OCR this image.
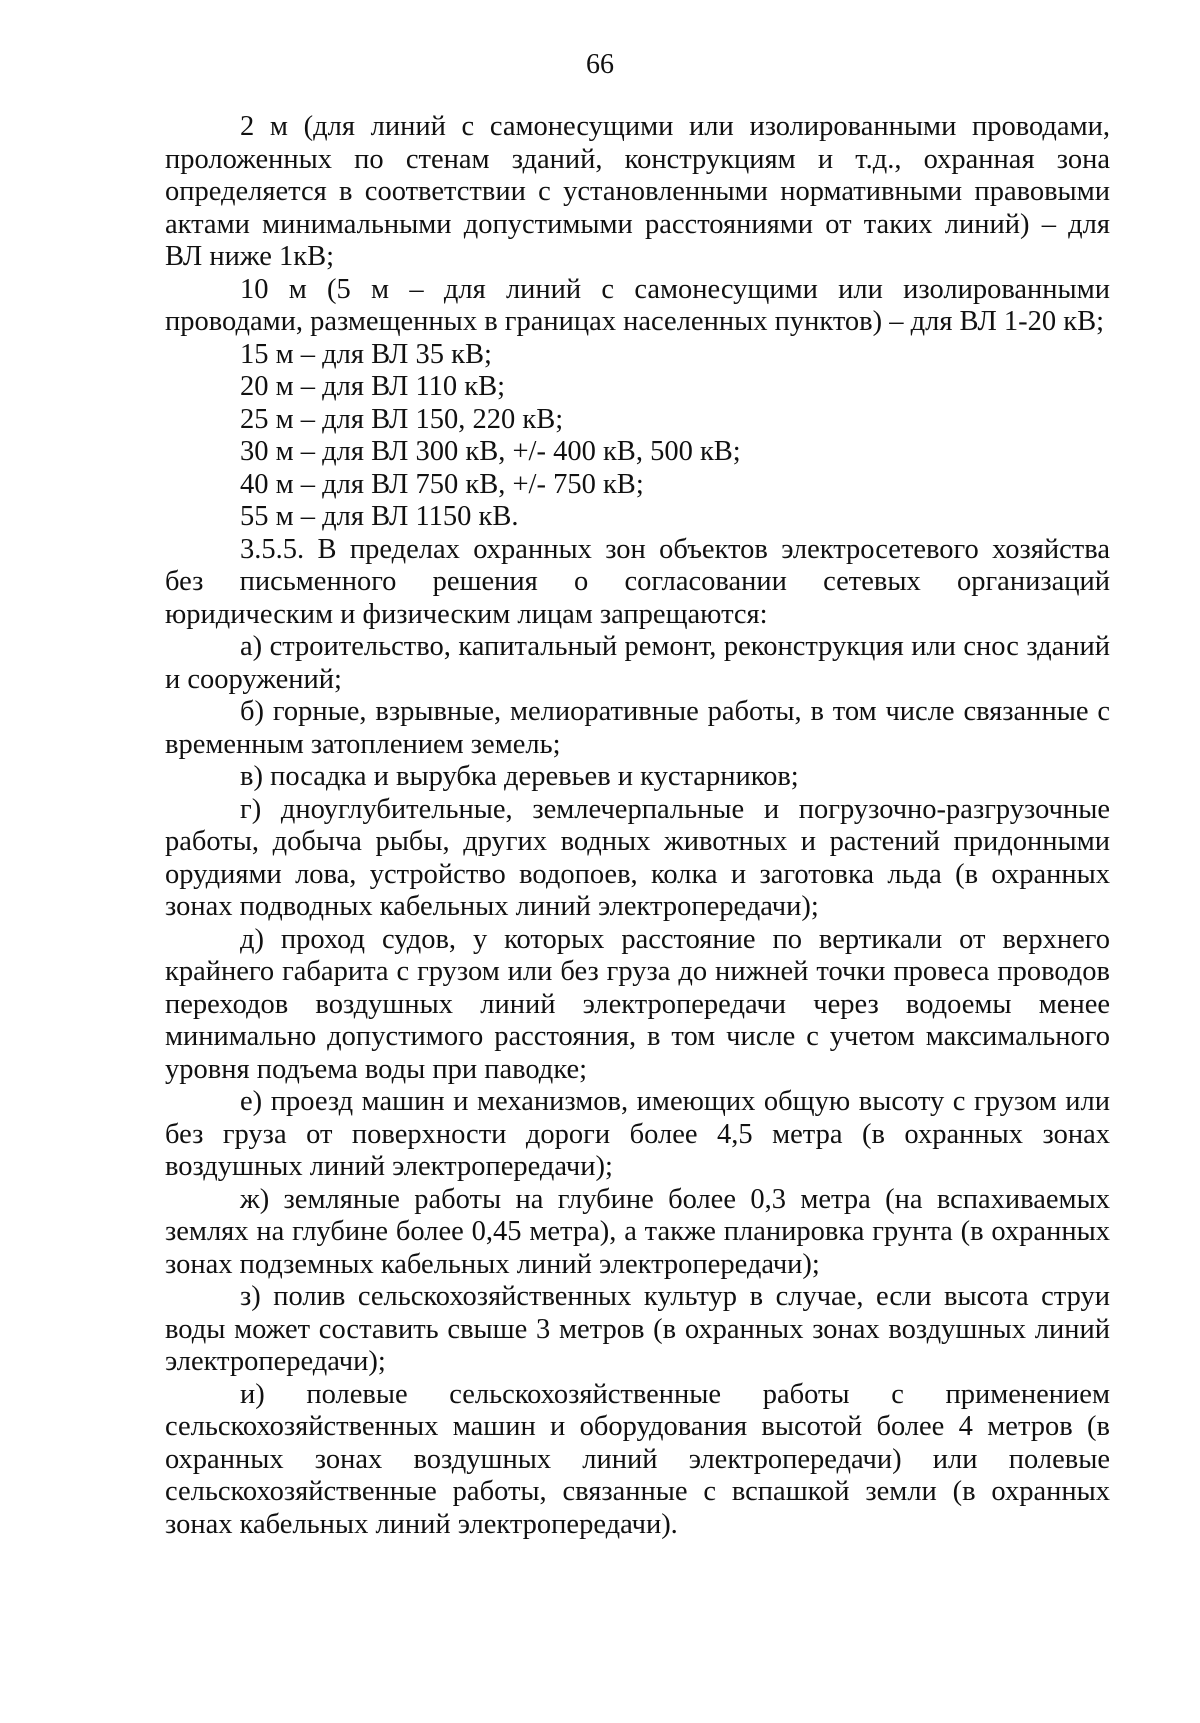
66

2 м (для линий с самонесущими или изолированными проводами, проложенных по стенам зданий, конструкциям и т.д., охранная зона определяется в соответствии с установленными нормативными правовыми актами минимальными допустимыми расстояниями от таких линий) – для ВЛ ниже 1кВ;

10 м (5 м – для линий с самонесущими или изолированными проводами, размещенных в границах населенных пунктов) – для ВЛ 1-20 кВ;

15 м – для ВЛ 35 кВ;

20 м – для ВЛ 110 кВ;

25 м – для ВЛ 150, 220 кВ;

30 м – для ВЛ 300 кВ, +/- 400 кВ, 500 кВ;

40 м – для ВЛ 750 кВ, +/- 750 кВ;

55 м – для ВЛ 1150 кВ.

3.5.5. В пределах охранных зон объектов электросетевого хозяйства без письменного решения о согласовании сетевых организаций юридическим и физическим лицам запрещаются:

а) строительство, капитальный ремонт, реконструкция или снос зданий и сооружений;

б) горные, взрывные, мелиоративные работы, в том числе связанные с временным затоплением земель;

в) посадка и вырубка деревьев и кустарников;

г) дноуглубительные, землечерпальные и погрузочно-разгрузочные работы, добыча рыбы, других водных животных и растений придонными орудиями лова, устройство водопоев, колка и заготовка льда (в охранных зонах подводных кабельных линий электропередачи);

д) проход судов, у которых расстояние по вертикали от верхнего крайнего габарита с грузом или без груза до нижней точки провеса проводов переходов воздушных линий электропередачи через водоемы менее минимально допустимого расстояния, в том числе с учетом максимального уровня подъема воды при паводке;

е) проезд машин и механизмов, имеющих общую высоту с грузом или без груза от поверхности дороги более 4,5 метра (в охранных зонах воздушных линий электропередачи);

ж) земляные работы на глубине более 0,3 метра (на вспахиваемых землях на глубине более 0,45 метра), а также планировка грунта (в охранных зонах подземных кабельных линий электропередачи);

з) полив сельскохозяйственных культур в случае, если высота струи воды может составить свыше 3 метров (в охранных зонах воздушных линий электропередачи);

и) полевые сельскохозяйственные работы с применением сельскохозяйственных машин и оборудования высотой более 4 метров (в охранных зонах воздушных линий электропередачи) или полевые сельскохозяйственные работы, связанные с вспашкой земли (в охранных зонах кабельных линий электропередачи).
